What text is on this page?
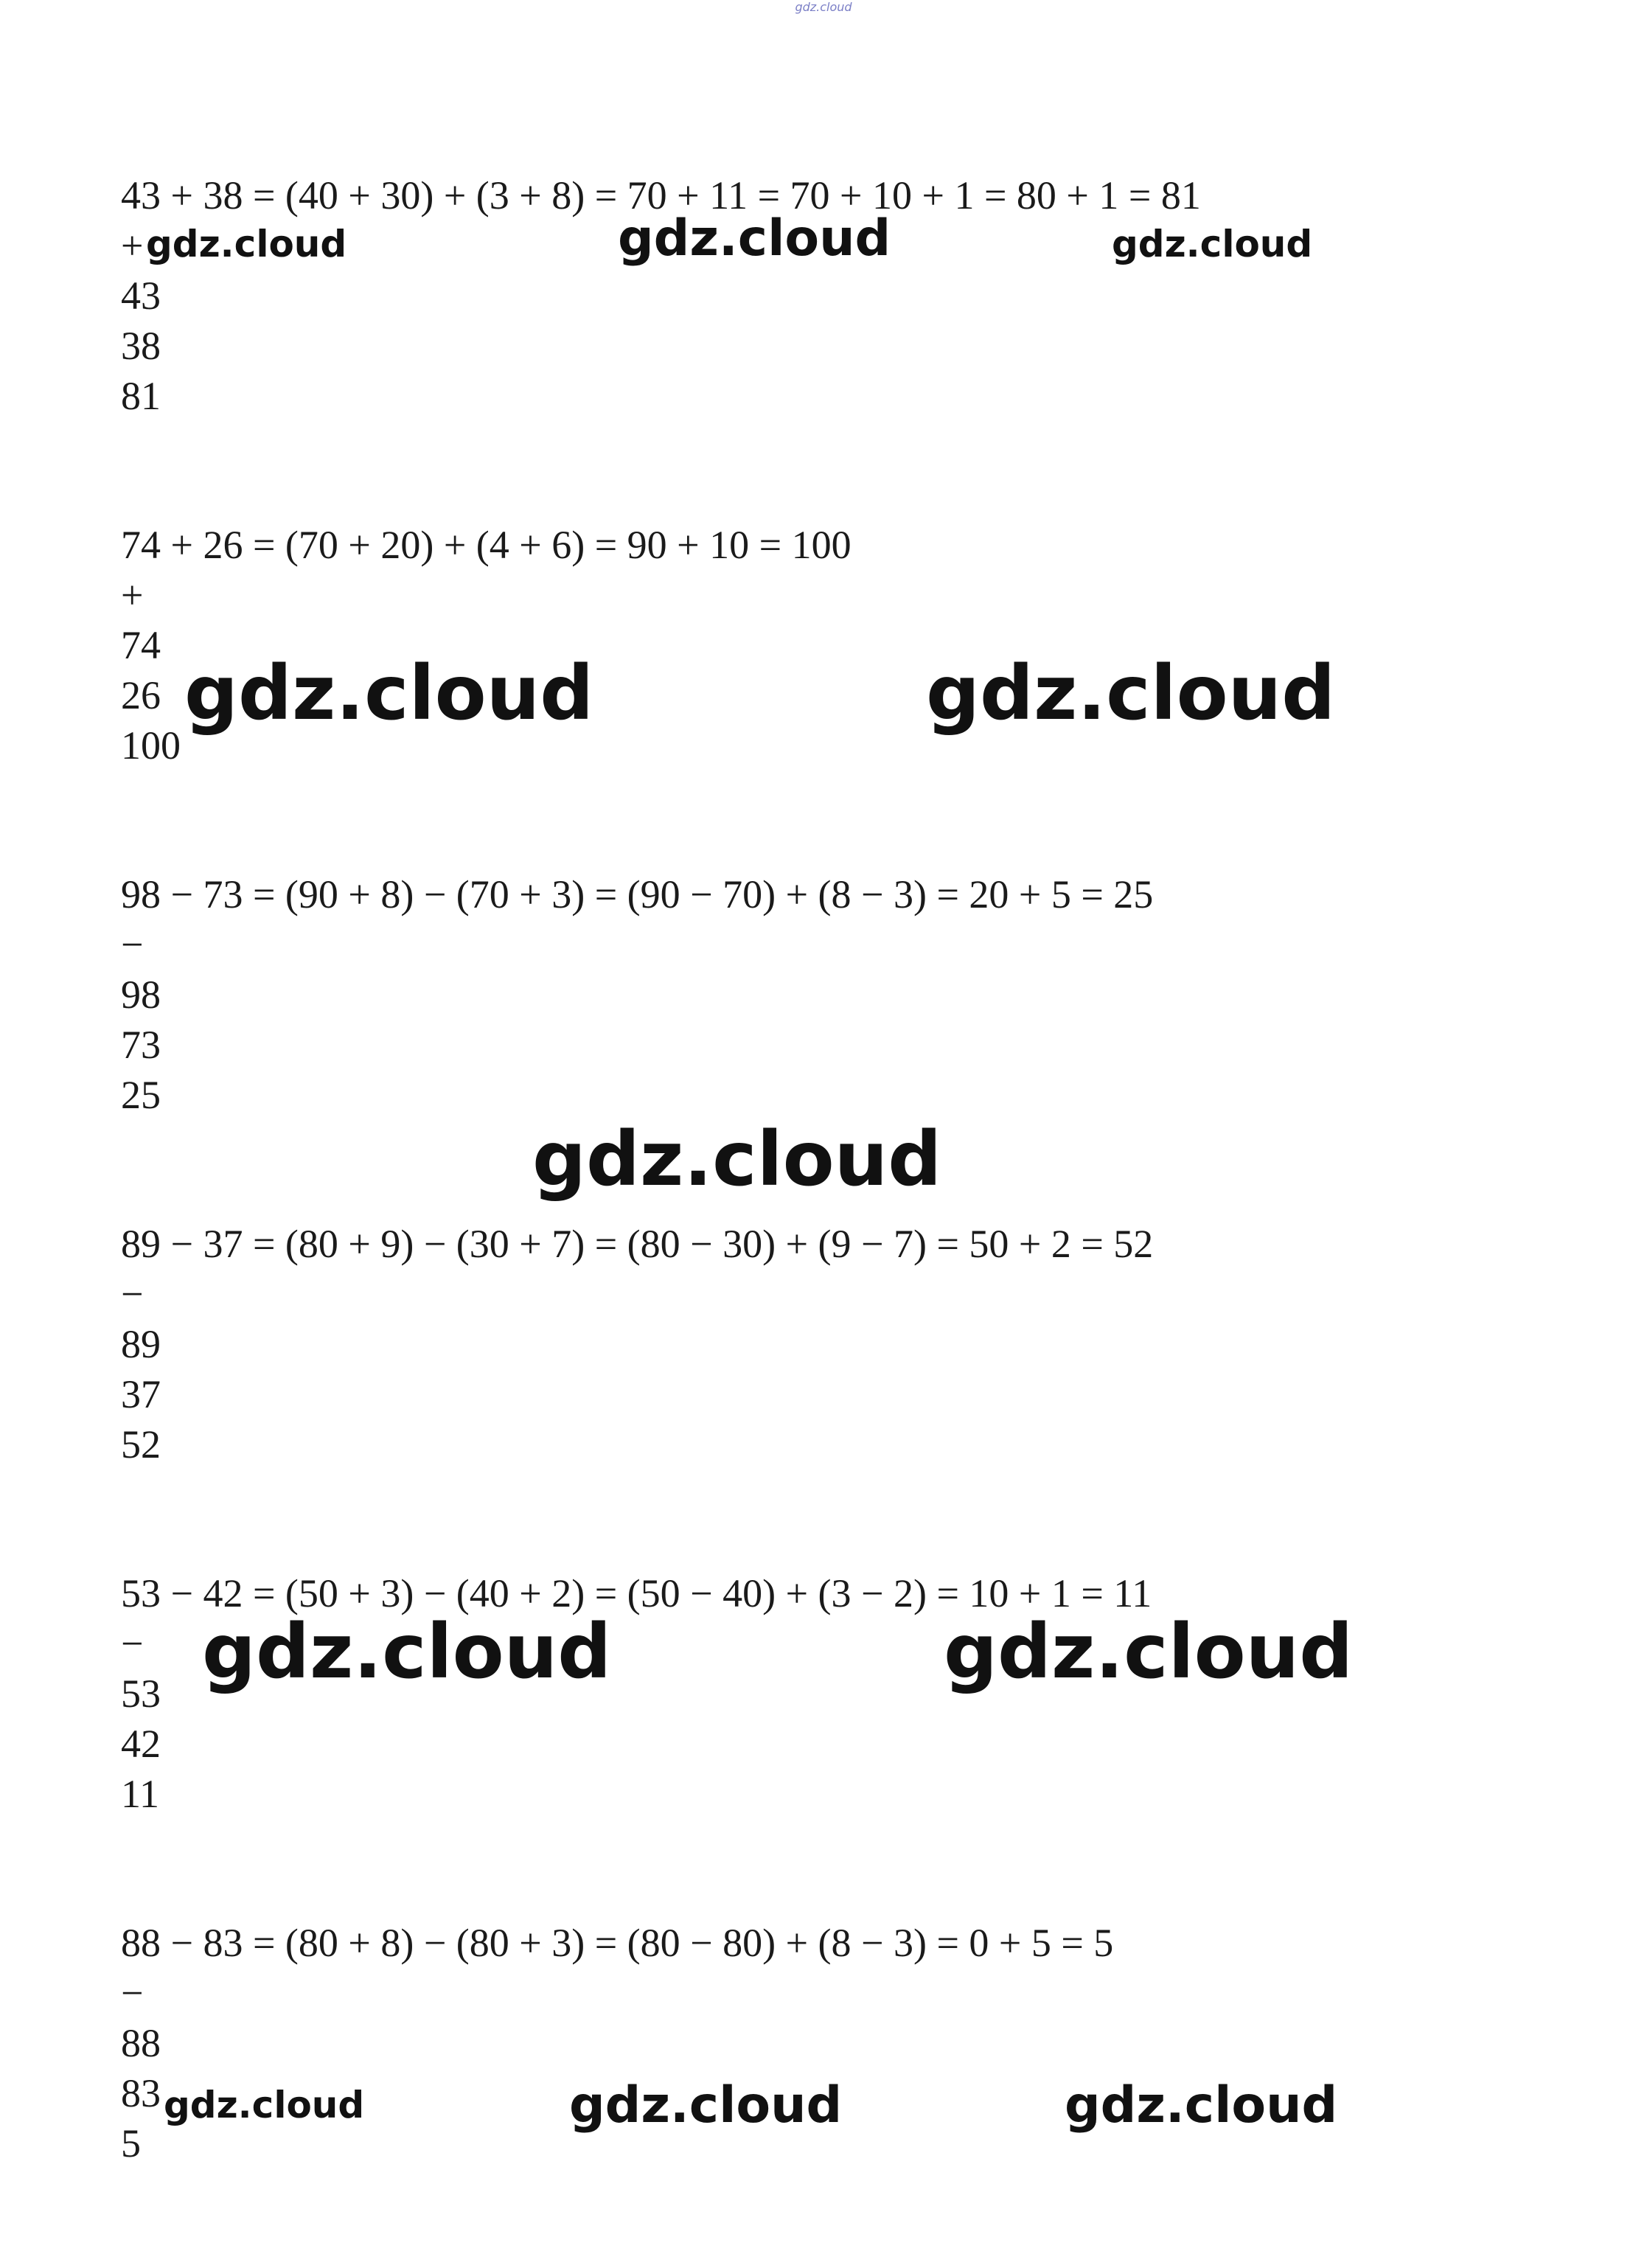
gdz.cloud
43 + 38 = (40 + 30) + (3 + 8) = 70 + 11 = 70 + 10 + 1 = 80 + 1 = 81
+
43
38
81
74 + 26 = (70 + 20) + (4 + 6) = 90 + 10 = 100
+
74
26
100
98 − 73 = (90 + 8) − (70 + 3) = (90 − 70) + (8 − 3) = 20 + 5 = 25
−
98
73
25
89 − 37 = (80 + 9) − (30 + 7) = (80 − 30) + (9 − 7) = 50 + 2 = 52
−
89
37
52
53 − 42 = (50 + 3) − (40 + 2) = (50 − 40) + (3 − 2) = 10 + 1 = 11
−
53
42
11
88 − 83 = (80 + 8) − (80 + 3) = (80 − 80) + (8 − 3) = 0 + 5 = 5
−
88
83
5
gdz.cloud	gdz.cloud	gdz.cloud
gdz.cloud	gdz.cloud
gdz.cloud
gdz.cloud	gdz.cloud
gdz.cloud	gdz.cloud	gdz.cloud
